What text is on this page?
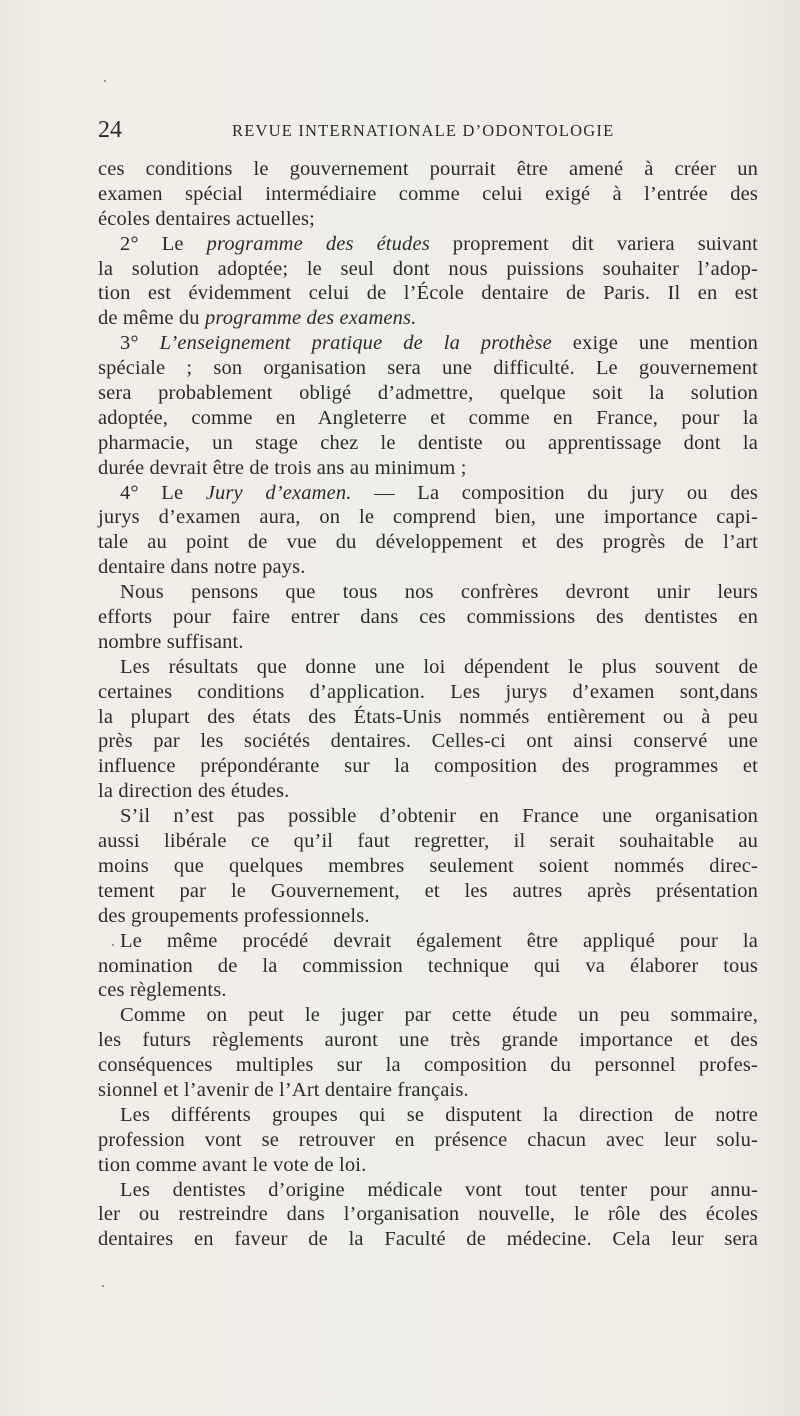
24	REVUE INTERNATIONALE D’ODONTOLOGIE
ces conditions le gouvernement pourrait être amené à créer un
examen spécial intermédiaire comme celui exigé à l’entrée des
écoles dentaires actuelles;
2° Le programme des études proprement dit variera suivant
la solution adoptée; le seul dont nous puissions souhaiter l’adop-
tion est évidemment celui de l’École dentaire de Paris. Il en est
de même du programme des examens.
3° L’enseignement pratique de la prothèse exige une mention
spéciale ; son organisation sera une difficulté. Le gouvernement
sera probablement obligé d’admettre, quelque soit la solution
adoptée, comme en Angleterre et comme en France, pour la
pharmacie, un stage chez le dentiste ou apprentissage dont la
durée devrait être de trois ans au minimum ;
4° Le Jury d’examen. — La composition du jury ou des
jurys d’examen aura, on le comprend bien, une importance capi-
tale au point de vue du développement et des progrès de l’art
dentaire dans notre pays.
Nous pensons que tous nos confrères devront unir leurs
efforts pour faire entrer dans ces commissions des dentistes en
nombre suffisant.
Les résultats que donne une loi dépendent le plus souvent de
certaines conditions d’application. Les jurys d’examen sont,dans
la plupart des états des États-Unis nommés entièrement ou à peu
près par les sociétés dentaires. Celles-ci ont ainsi conservé une
influence prépondérante sur la composition des programmes et
la direction des études.
S’il n’est pas possible d’obtenir en France une organisation
aussi libérale ce qu’il faut regretter, il serait souhaitable au
moins que quelques membres seulement soient nommés direc-
tement par le Gouvernement, et les autres après présentation
des groupements professionnels.
Le même procédé devrait également être appliqué pour la
nomination de la commission technique qui va élaborer tous
ces règlements.
Comme on peut le juger par cette étude un peu sommaire,
les futurs règlements auront une très grande importance et des
conséquences multiples sur la composition du personnel profes-
sionnel et l’avenir de l’Art dentaire français.
Les différents groupes qui se disputent la direction de notre
profession vont se retrouver en présence chacun avec leur solu-
tion comme avant le vote de loi.
Les dentistes d’origine médicale vont tout tenter pour annu-
ler ou restreindre dans l’organisation nouvelle, le rôle des écoles
dentaires en faveur de la Faculté de médecine. Cela leur sera
